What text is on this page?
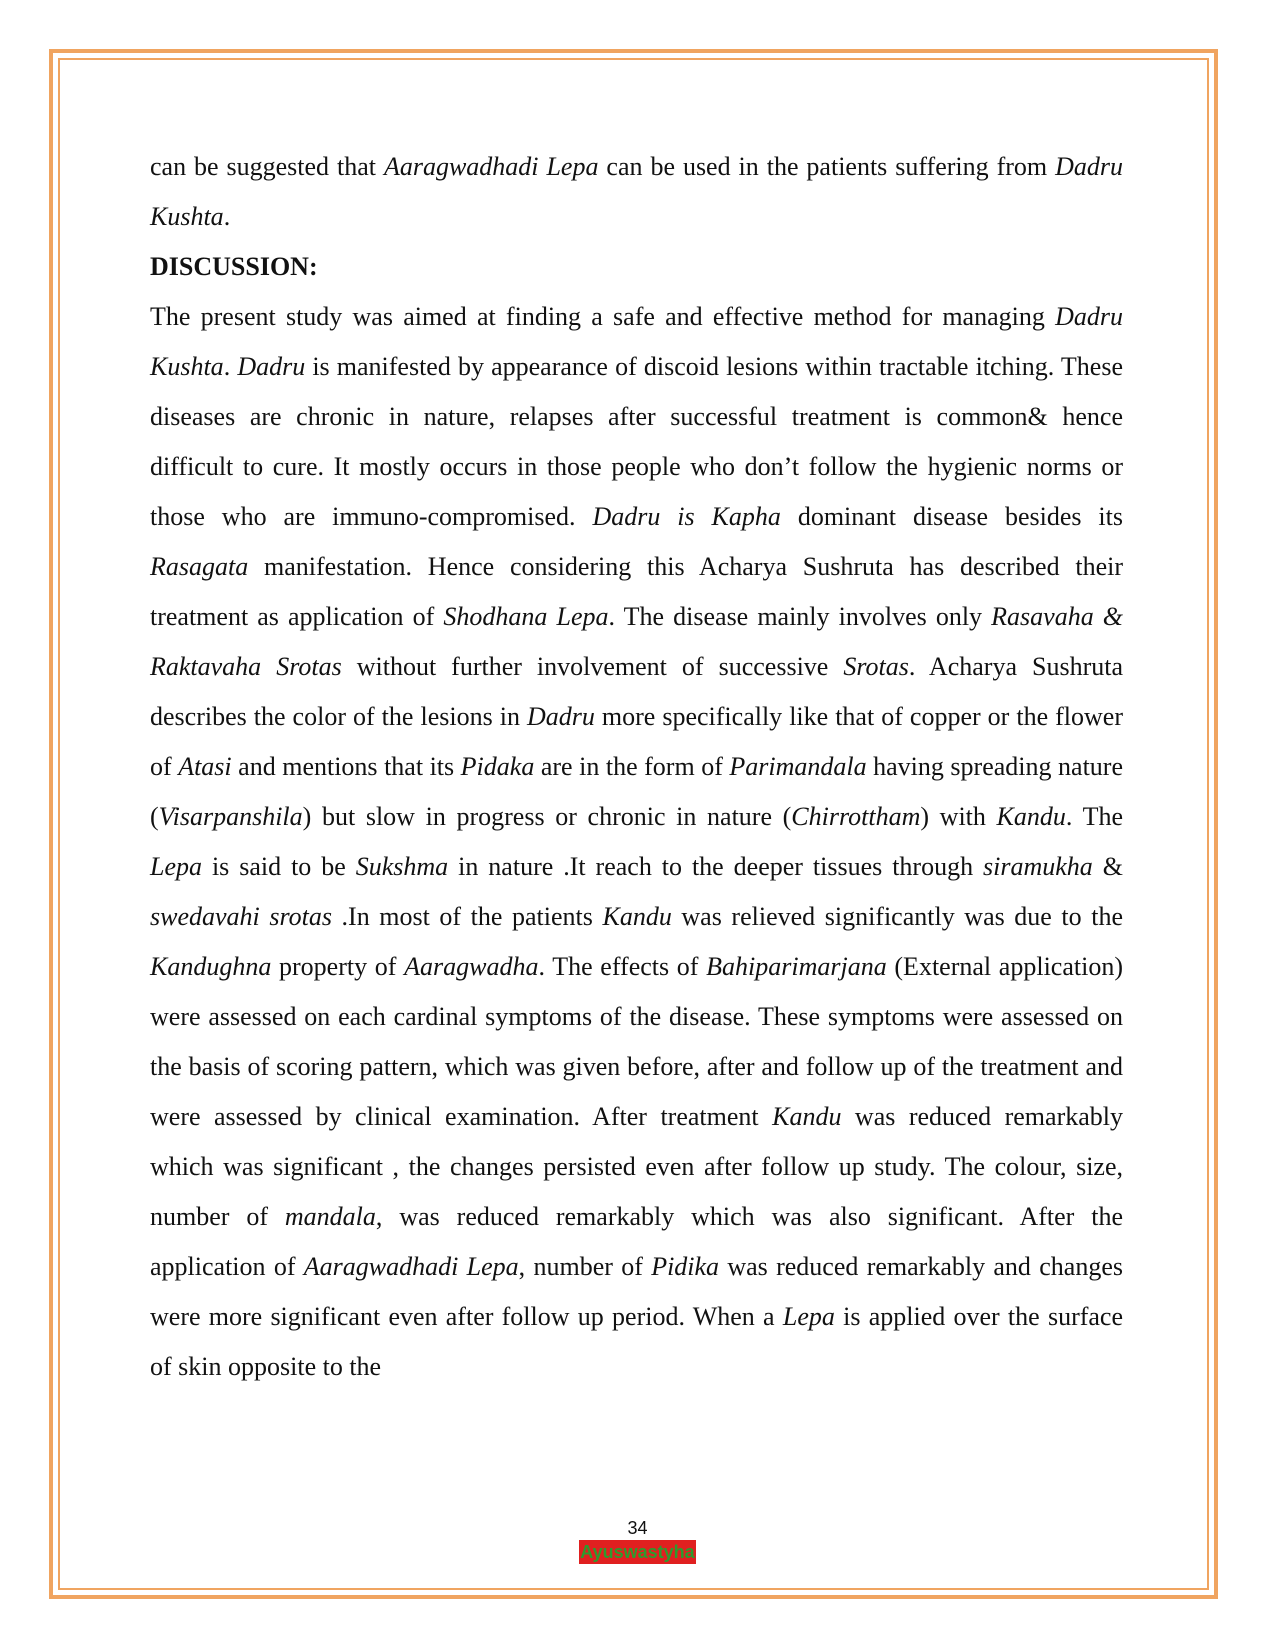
can be suggested that Aaragwadhadi Lepa can be used in the patients suffering from Dadru Kushta.

DISCUSSION:

The present study was aimed at finding a safe and effective method for managing Dadru Kushta. Dadru is manifested by appearance of discoid lesions within tractable itching. These diseases are chronic in nature, relapses after successful treatment is common& hence difficult to cure. It mostly occurs in those people who don’t follow the hygienic norms or those who are immuno-compromised. Dadru is Kapha dominant disease besides its Rasagata manifestation. Hence considering this Acharya Sushruta has described their treatment as application of Shodhana Lepa. The disease mainly involves only Rasavaha & Raktavaha Srotas without further involvement of successive Srotas. Acharya Sushruta describes the color of the lesions in Dadru more specifically like that of copper or the flower of Atasi and mentions that its Pidaka are in the form of Parimandala having spreading nature (Visarpanshila) but slow in progress or chronic in nature (Chirrottham) with Kandu. The Lepa is said to be Sukshma in nature .It reach to the deeper tissues through siramukha & swedavahi srotas .In most of the patients Kandu was relieved significantly was due to the Kandughna property of Aaragwadha. The effects of Bahiparimarjana (External application) were assessed on each cardinal symptoms of the disease. These symptoms were assessed on the basis of scoring pattern, which was given before, after and follow up of the treatment and were assessed by clinical examination. After treatment Kandu was reduced remarkably which was significant , the changes persisted even after follow up study. The colour, size, number of mandala, was reduced remarkably which was also significant. After the application of Aaragwadhadi Lepa, number of Pidika was reduced remarkably and changes were more significant even after follow up period. When a Lepa is applied over the surface of skin opposite to the

34
Ayuswastyha
